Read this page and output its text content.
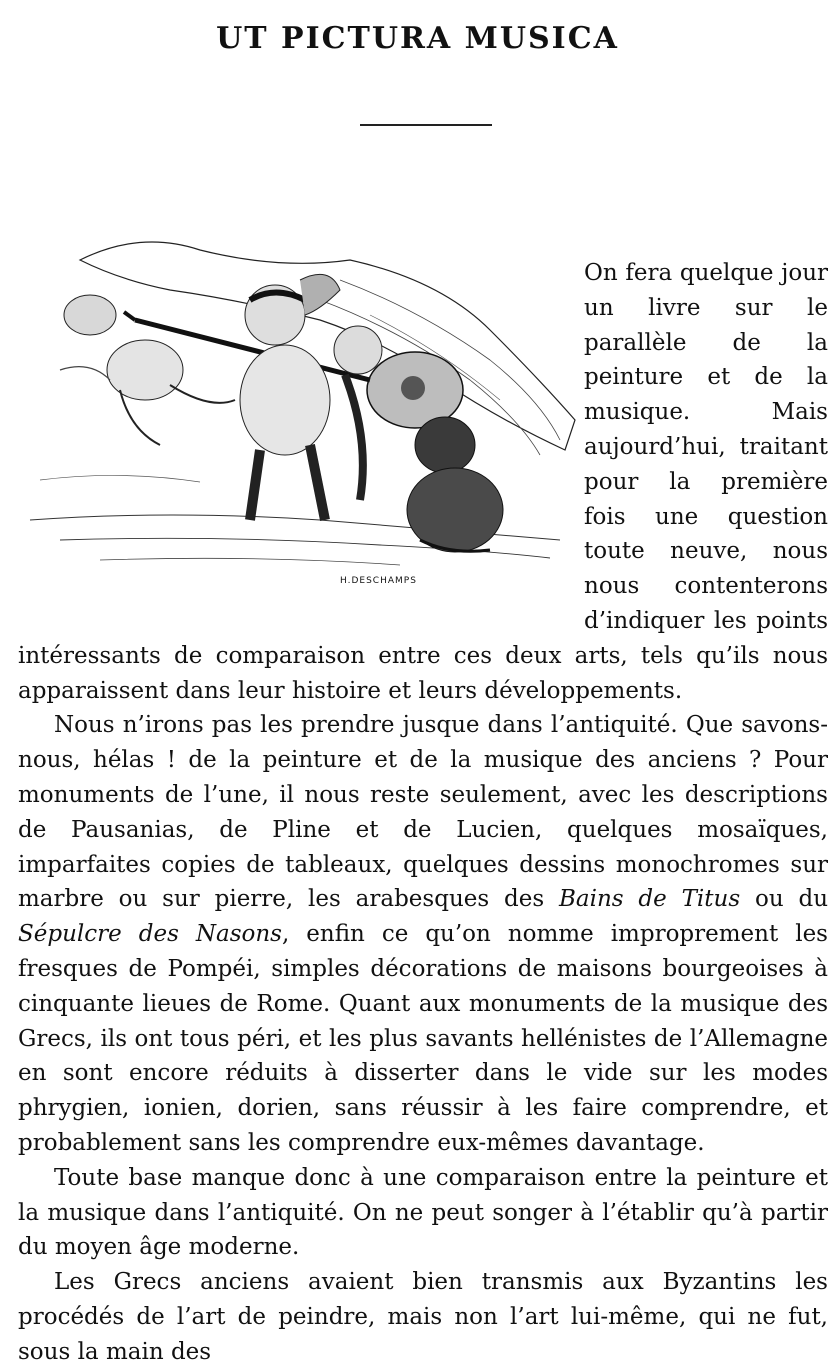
UT PICTURA MUSICA
H.DESCHAMPS

On fera quelque jour un livre sur le parallèle de la peinture et de la musique. Mais aujourd’hui, traitant pour la première fois une question toute neuve, nous nous contenterons d’indiquer les points intéressants de comparaison entre ces deux arts, tels qu’ils nous apparaissent dans leur histoire et leurs développements.

Nous n’irons pas les prendre jusque dans l’antiquité. Que savons-nous, hélas ! de la peinture et de la musique des anciens ? Pour monuments de l’une, il nous reste seulement, avec les descriptions de Pausanias, de Pline et de Lucien, quelques mosaïques, imparfaites copies de tableaux, quelques dessins monochromes sur marbre ou sur pierre, les arabesques des Bains de Titus ou du Sépulcre des Nasons, enfin ce qu’on nomme improprement les fresques de Pompéi, simples décorations de maisons bourgeoises à cinquante lieues de Rome. Quant aux monuments de la musique des Grecs, ils ont tous péri, et les plus savants hellénistes de l’Allemagne en sont encore réduits à disserter dans le vide sur les modes phrygien, ionien, dorien, sans réussir à les faire comprendre, et probablement sans les comprendre eux-mêmes davantage.

Toute base manque donc à une comparaison entre la peinture et la musique dans l’antiquité. On ne peut songer à l’établir qu’à partir du moyen âge moderne.

Les Grecs anciens avaient bien transmis aux Byzantins les procédés de l’art de peindre, mais non l’art lui-même, qui ne fut, sous la main des
